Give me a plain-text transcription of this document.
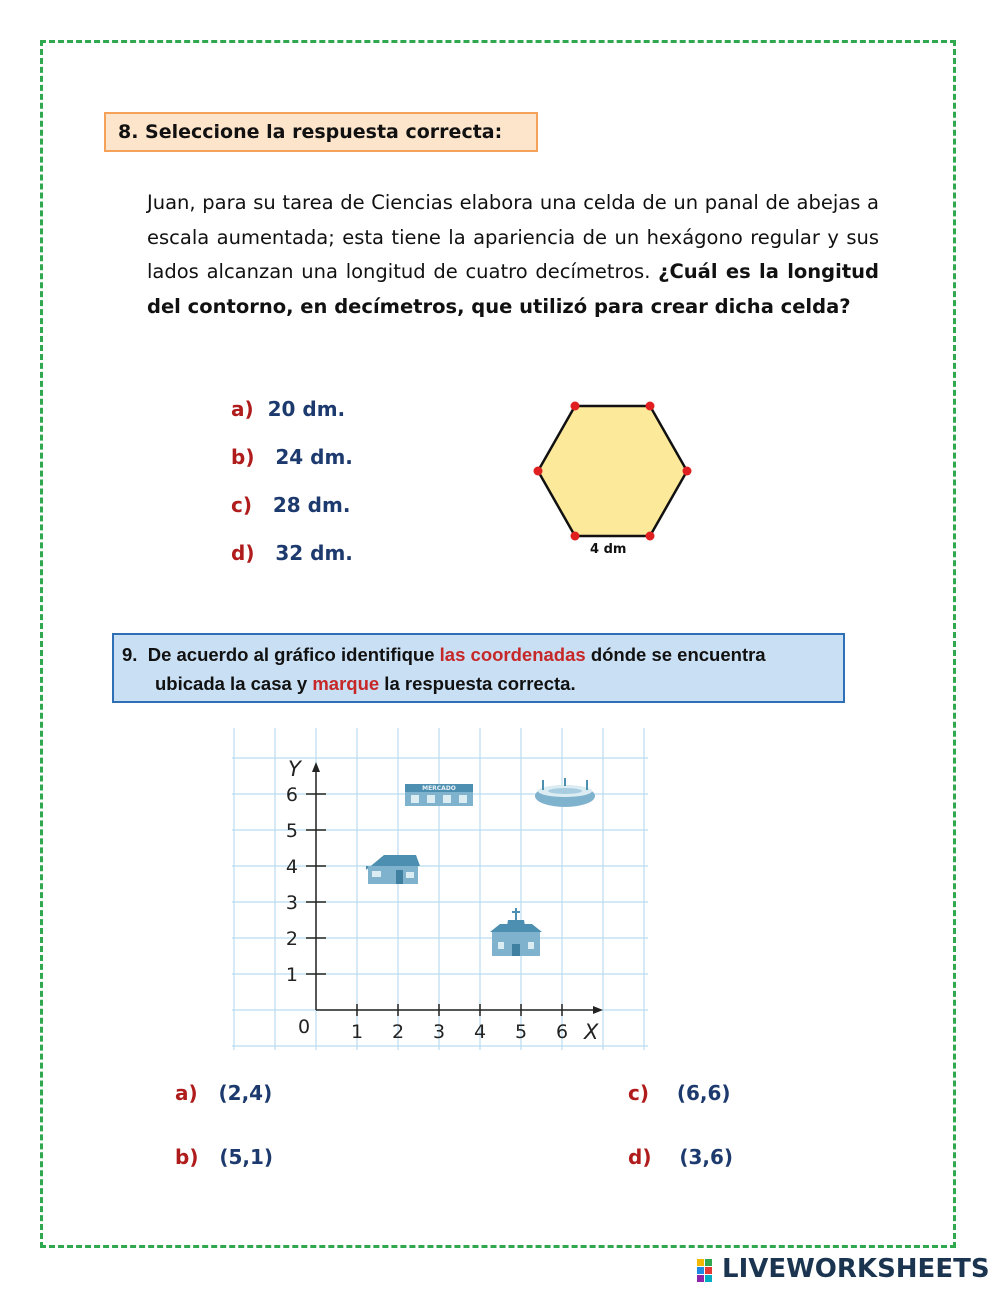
8. Seleccione la respuesta correcta:
Juan, para su tarea de Ciencias elabora una celda de un panal de abejas a escala aumentada; esta tiene la apariencia de un hexágono regular y sus lados alcanzan una longitud de cuatro decímetros. ¿Cuál es la longitud del contorno, en decímetros, que utilizó para crear dicha celda?
a) 20 dm.
b) 24 dm.
c) 28 dm.
d) 32 dm.	4 dm
9. De acuerdo al gráfico identifique las coordenadas dónde se encuentra
ubicada la casa y marque la respuesta correcta.
Y
X
0 1 2 3 4 5 6
1
2
3
4
5
6	MERCADO
a) (2,4)
b) (5,1)
c) (6,6)
d) (3,6)
LIVEWORKSHEETS
